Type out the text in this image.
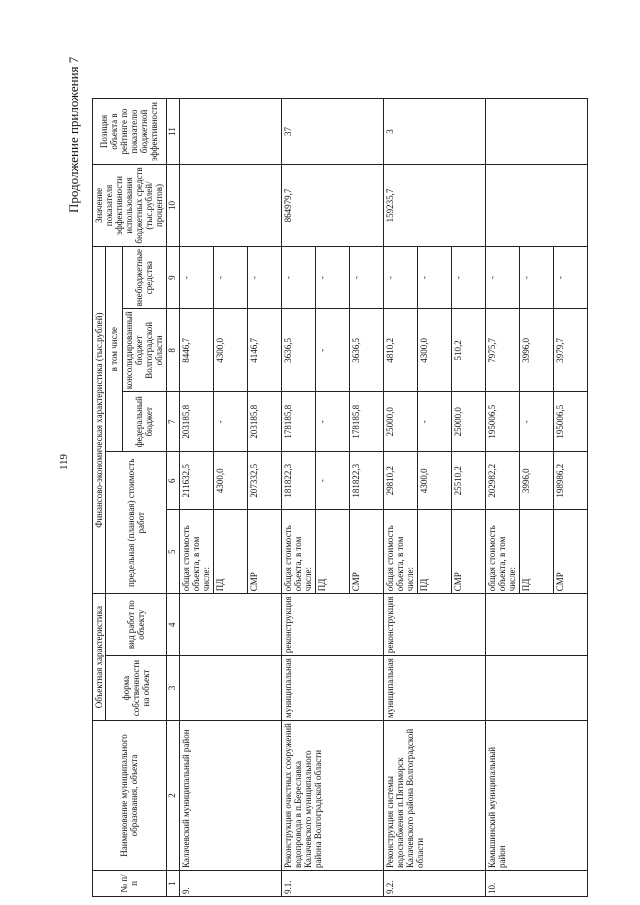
119
Продолжение приложения 7
№ п/п	Наименование муниципального образования, объекта	Объектная характеристика		Финансово-экономическая характеристика (тыс.рублей)					Значение показателя эффективности использования бюджетных средств (тыс.рублей/процентов)	Позиция объекта в рейтинге по показателю бюджетной эффективности
		форма собственности на объект	вид работ по объекту	предельная (плановая) стоимость работ		в том числе				
						федеральный бюджет	консолидированный бюджет Волгоградской области	внебюджетные средства		
1	2	3	4	5	6	7	8	9	10	11
9.	Калачевский муниципальный район			общая стоимость объекта, в том числе:	211632,5	203185,8	8446,7	-		
				ПД	4300,0	-	4300,0	-		
				СМР	207332,5	203185,8	4146,7	-		
9.1.	Реконструкция очистных сооружений водопровода в п.Береславка Калачевского муниципального района Волгоградской области	муниципальная	реконструкция	общая стоимость объекта, в том числе:	181822,3	178185,8	3636,5	-	864979,7	37
				ПД	-	-	-	-		
				СМР	181822,3	178185,8	3636,5	-		
9.2.	Реконструкция системы водоснабжения п.Пятиморск Калачевского района Волгоградской области	муниципальная	реконструкция	общая стоимость объекта, в том числе:	29810,2	25000,0	4810,2	-	159235,7	3
				ПД	4300,0	-	4300,0	-		
				СМР	25510,2	25000,0	510,2	-		
10.	Камышинский муниципальный район			общая стоимость объекта, в том числе:	202982,2	195006,5	7975,7	-		
				ПД	3996,0	-	3996,0	-		
				СМР	198986,2	195006,5	3979,7	-		
